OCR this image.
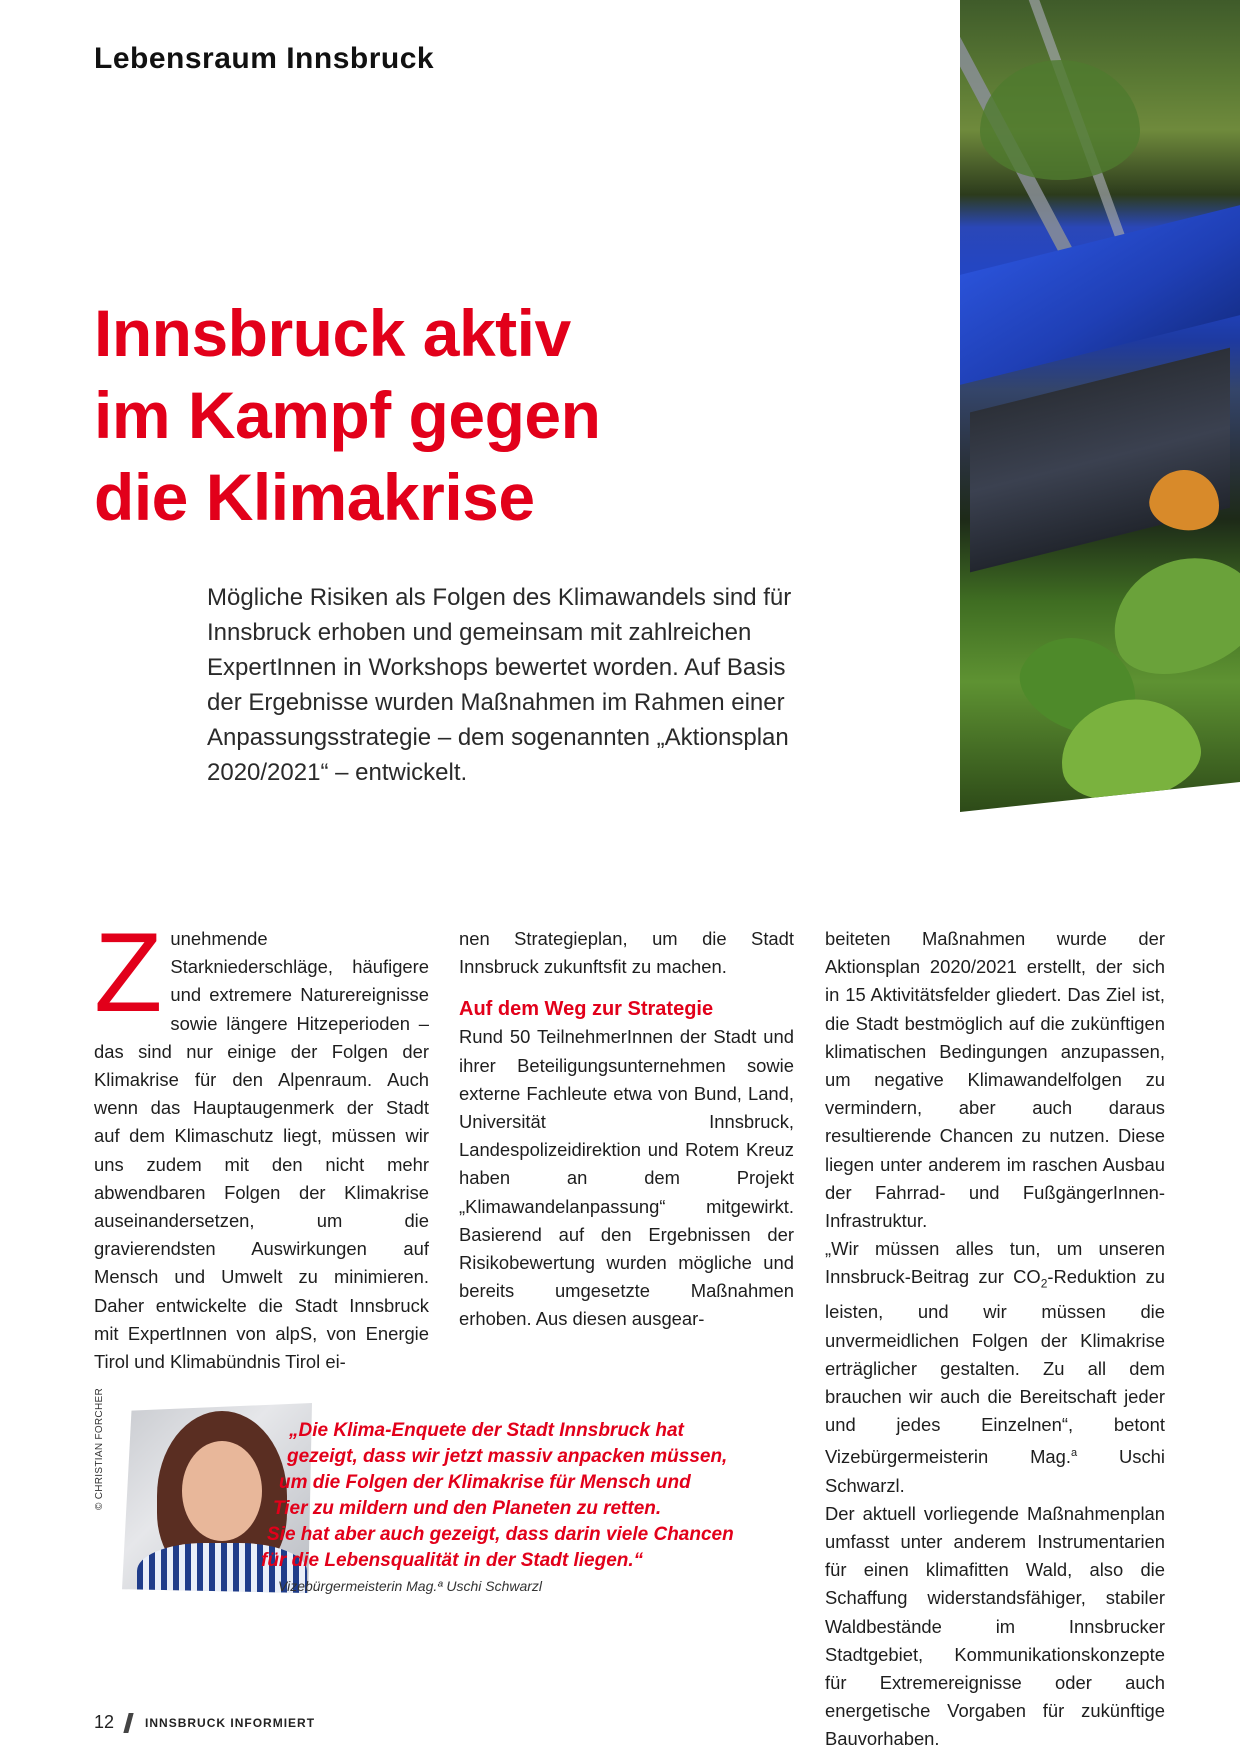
Lebensraum Innsbruck
Innsbruck aktiv
im Kampf gegen
die Klimakrise

Mögliche Risiken als Folgen des Klimawandels sind für Innsbruck erhoben und gemeinsam mit zahlreichen ExpertInnen in Workshops bewertet worden. Auf Basis der Ergebnisse wurden Maßnahmen im Rahmen einer Anpassungsstrategie – dem sogenannten „Aktionsplan 2020/2021“ – entwickelt.

Zunehmende Starkniederschläge, häufigere und extremere Naturereignisse sowie längere Hitzeperioden – das sind nur einige der Folgen der Klimakrise für den Alpenraum. Auch wenn das Hauptaugenmerk der Stadt auf dem Klimaschutz liegt, müssen wir uns zudem mit den nicht mehr abwendbaren Folgen der Klimakrise auseinandersetzen, um die gravierendsten Auswirkungen auf Mensch und Umwelt zu minimieren. Daher entwickelte die Stadt Innsbruck mit ExpertInnen von alpS, von Energie Tirol und Klimabündnis Tirol ei-

nen Strategieplan, um die Stadt Innsbruck zukunftsfit zu machen.

Auf dem Weg zur Strategie

Rund 50 TeilnehmerInnen der Stadt und ihrer Beteiligungsunternehmen sowie externe Fachleute etwa von Bund, Land, Universität Innsbruck, Landespolizeidirektion und Rotem Kreuz haben an dem Projekt „Klimawandelanpassung“ mitgewirkt. Basierend auf den Ergebnissen der Risikobewertung wurden mögliche und bereits umgesetzte Maßnahmen erhoben. Aus diesen ausgear-

beiteten Maßnahmen wurde der Aktionsplan 2020/2021 erstellt, der sich in 15 Aktivitätsfelder gliedert. Das Ziel ist, die Stadt bestmöglich auf die zukünftigen klimatischen Bedingungen anzupassen, um negative Klimawandelfolgen zu vermindern, aber auch daraus resultierende Chancen zu nutzen. Diese liegen unter anderem im raschen Ausbau der Fahrrad- und FußgängerInnen-Infrastruktur.

„Wir müssen alles tun, um unseren Innsbruck-Beitrag zur $CO_2$-Reduktion zu leisten, und wir müssen die unvermeidlichen Folgen der Klimakrise erträglicher gestalten. Zu all dem brauchen wir auch die Bereitschaft jeder und jedes Einzelnen“, betont Vizebürgermeisterin Mag.$^a$ Uschi Schwarzl.

Der aktuell vorliegende Maßnahmenplan umfasst unter anderem Instrumentarien für einen klimafitten Wald, also die Schaffung widerstandsfähiger, stabiler Waldbestände im Innsbrucker Stadtgebiet, Kommunikationskonzepte für Extremereignisse oder auch energetische Vorgaben für zukünftige Bauvorhaben.

© CHRISTIAN FORCHER	„Die Klima-Enquete der Stadt Innsbruck hat
gezeigt, dass wir jetzt massiv anpacken müssen,
um die Folgen der Klimakrise für Mensch und
Tier zu mildern und den Planeten zu retten.
Sie hat aber auch gezeigt, dass darin viele Chancen
für die Lebensqualität in der Stadt liegen.“
Vizebürgermeisterin Mag.ª Uschi Schwarzl
12	INNSBRUCK INFORMIERT
